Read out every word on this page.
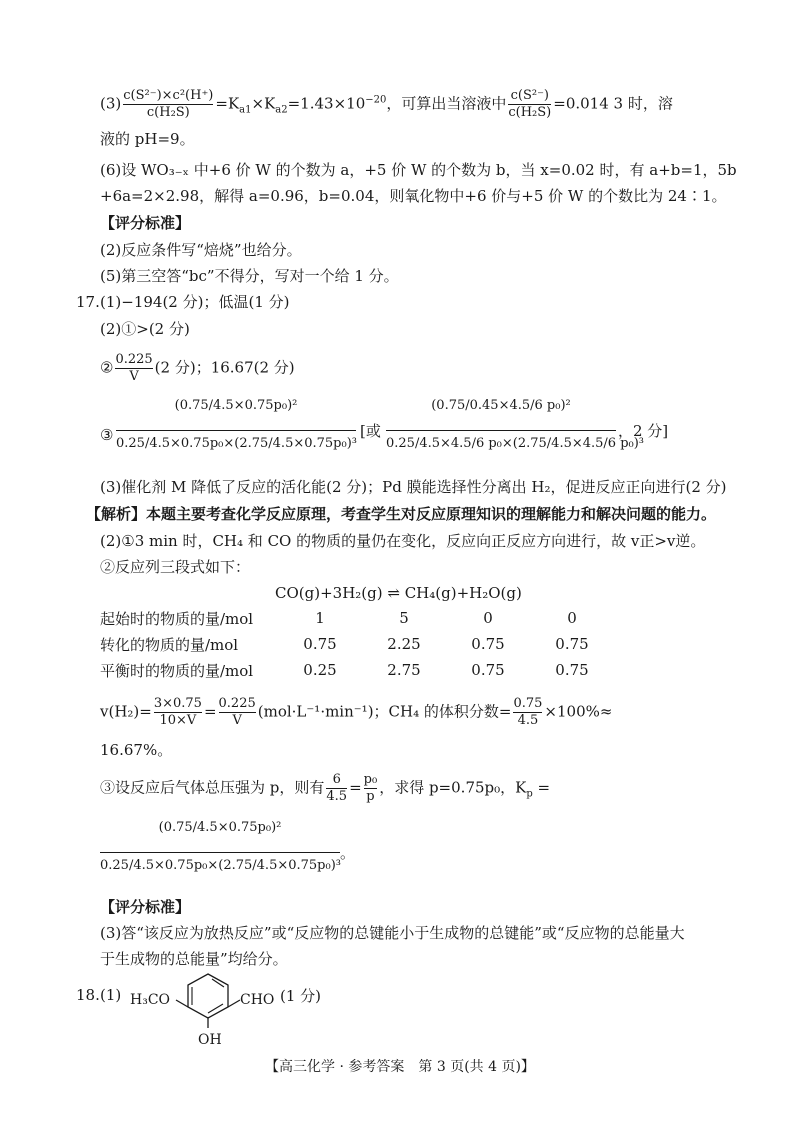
$(3) \frac{\text{c(S²⁻)×c²(H⁺)}}{\text{c(H₂S)}} =K_{a1}\times K_{a2}=1.43\times 10^{-20}$，可算出当溶液中 $\frac{\text{c(S²⁻)}}{\text{c(H₂S)}} =0.014$ 3 时，溶
液的 pH=9。
(6)设 WO₃₋ₓ 中+6 价 W 的个数为 a，+5 价 W 的个数为 b，当 x=0.02 时，有 a+b=1，5b
+6a=2×2.98，解得 a=0.96，b=0.04，则氧化物中+6 价与+5 价 W 的个数比为 24∶1。
【评分标准】
(2)反应条件写“焙烧”也给分。
(5)第三空答“bc”不得分，写对一个给 1 分。
17. (1)−194(2 分)；低温(1 分)
(2)①>(2 分)
② $\frac{0.225}{V} (2$ 分)；16.67(2 分)
③
(0.75/4.5×0.75p₀)²
0.25/4.5×0.75p₀×(2.75/4.5×0.75p₀)³
[或
(0.75/0.45×4.5/6 p₀)²
0.25/4.5×4.5/6 p₀×(2.75/4.5×4.5/6 p₀)³
，2 分]
(3)催化剂 M 降低了反应的活化能(2 分)；Pd 膜能选择性分离出 H₂，促进反应正向进行(2 分)
【解析】本题主要考查化学反应原理，考查学生对反应原理知识的理解能力和解决问题的能力。
(2)①3 min 时，CH₄ 和 CO 的物质的量仍在变化，反应向正反应方向进行，故 v正>v逆。
②反应列三段式如下：
CO(g)+3H₂(g) ⇌ CH₄(g)+H₂O(g)
起始时的物质的量/mol	1	5	0	0
转化的物质的量/mol	0.75	2.25	0.75	0.75
平衡时的物质的量/mol	0.25	2.75	0.75	0.75
$v(H_2)= \frac{3\times 0.75}{10\times V} = \frac{0.225}{V} (mol\cdot L^{-1}\cdot\min^{-1})$；CH₄ 的体积分数= $\frac{0.75}{4.5} \times 100\%\approx$
16.67%。
③设反应后气体总压强为 p，则有 $\frac{6}{4.5} = \frac{\text{p₀}}{p}$ ，求得 p=0.75p₀，$K_p$ =
(0.75/4.5×0.75p₀)²
0.25/4.5×0.75p₀×(2.75/4.5×0.75p₀)³
。
【评分标准】
(3)答“该反应为放热反应”或“反应物的总键能小于生成物的总键能”或“反应物的总能量大
于生成物的总能量”均给分。
18. (1) H₃CO	CHO
OH
(1 分)
【高三化学 · 参考答案　第 3 页(共 4 页)】
